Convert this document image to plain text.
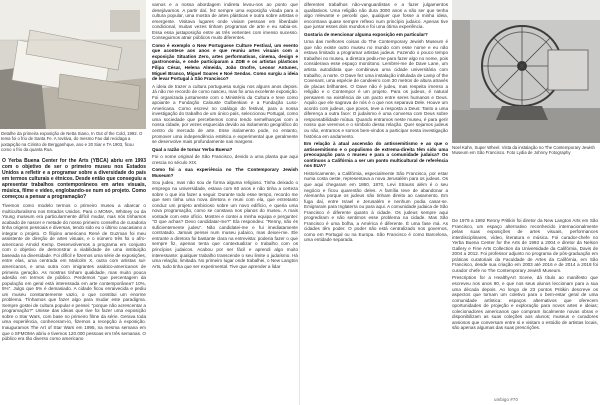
Detalhe da primeira exposição de Netta Siano, In Out of the Cold, 1992. O tema foi o frio de Santa Fe. A rovitiva, do mesmo Fao dal recidaga a juxtapição na Cirinito de Bergganhque, ano e 20 Siar e TA 1903, ficou como o frio da quanta Rua.	Noel Kahn, Super Wheel. Vista da instalação no The Contemporary Jewish Museum em São Francisco. Foto Lydia de Johnny Fotography

O Yerba Buena Center for the Arts (YBCA) abriu em 1993 com o objetivo de ser o primeiro museu nos Estados Unidos a refletir e a programar sobre a diversidade do país em termos culturais e étnicos. Desde então que conseguiu a apresentar trabalhos contemporâneos em artes visuais, música, filme e vídeo, englobando-se num só projeto. Como começou a pensar a programação?

Tivemos como modelo termos o primeiro museu a abarcar o multiculturalismo nos Estados Unidos. Para o MOMA, Whitney ou da Young museum era particularmente difícil mudar, mas nós tínhamos acabado de nascer e metade do nosso primeiro conselho de curadoria tinha origens pessoais e diversas, tendo sido eu o último caucasiano a integrar o projeto. O filipino americano René de Guzman foi meu assistente de direção de artes visuais, e o número três foi o afro-americano Arnold Kemp. Desenvolvemos a programa em conjunto com o objetivo de demonstrar a viabilidade de uma instituição baseada na diversidade. Foi difícil e fizemos uma série de exposições, entre elas, uma centrada em Malcolm X, outra com artistas sul-americanos, e uma outra com imigrantes asiático-americanos de primeira geração. As mostras tinham qualidade, mas muito pouca adesão em termos de público. Perdemos "que percentagem da população em geral está interessada em arte contemporânea? 10%, 5%". Julgo que 5% é demasiado. A cidade ficou enraivecida e pediu um museu constantemente vazio, o que constitui um enorme problema. Tínhamos que fazer algo para mudar este paradigma. Sempre gostei de cultura popular e pensei: "porque não acrescentar a programação?" Unisse das ideias que tive foi fazer uma exposição sobre o Star Wars, com base no primeiro filme da série. Gerava toda uma experiência, conheceram-lo, fizemos a recepção à exposição. Inauguramos The Art of Star Wars em 1995, na mesma semana em que o SFMOMA abriu e tivemos 120.000 pessoas em três semanas. O público era tão diverso como americano

vamos e a nossa abordagem indireta levou-nos ao ponto que desejávamos. A partir daí, fez sempre uma exposição virada para a cultura popular, uma mostra de artes plásticas e outra sobre artistas e emergente. Visitava lugares onde viviam pessoas em liberdade condicional, muitas vezes tinham programas de arte e eu sabia-os. Essa essa justaposição entre as três vertentes com imenso sucesso. Conseguimos atrair públicos muito diferentes.

Como é exemplo o New Portuguese Culture Festival, um evento que acontece aos anos e que reuniu artes visuais com a exposição Situation Zero, artes performativas, cinema, design e gastronomia, e onde participaram a ZDB e os artistas plásticos Filipa César, Helena Almeida, João Onofre, Leonor Antunes, Miguel Branco, Miguel Soares e Noé Sendas. Como surgiu a ideia de levar Portugal à São Francisco?

A ideia de trazer a cultura portuguesa surgiu nos alguns anos depois. Já não me recordo de como nasceu, mas foi uma excelente exposição. Foi organizada juntamente com o Ministério da Cultura e teve como apoiante a Fundação Calouste Gulbenkian e a Fundação Luso-Americana. Como escrevi no catálogo do festival, para a nossa investigação do trabalho de um único país, seleccionou Portugal, como uma sociedade que percebemos como tendo semelhanças com a nossa cidade, por vezes esquecida devido ao isolamento geográfico do centro do mercado de arte. Esse isolamento pode, no entanto, promover uma independência estética e experimental que geralmente se desenvolve mais profundamente nas margens.

Qual a razão de tornar Yerba Buena?

Foi o nome original de São Francisco, devido a uma planta que aqui crescia no século XIX.

Como foi a sua experiência no The Contemporary Jewish Museum?

Sou judeu, mas não sou de forma alguma religioso. Tinha deixado o emprego na universidade, estava com 60 anos e não tinha a certeza sobre o que iria fazer a seguir. Durante todo esse tempo, recordo me que sem tinha uma nova diretora e reuni com ela, que entretanto conduz um projeto ambicioso sobre um novo edifício, e queria uma nova programação, como se constava nos planos do museu. A mais vontade com este ofício. Mostrei e contei a minha equipa e perguntei: "O que achas? Devo candidatar-me?" Ela respondeu: "Renny, não és suficientemente judeu". Não candidatei-me e fui imediatamente contratado. Jamais pensei num museu judaico, mas deixei-me. Ele entrante a diretora foi bastante clara na entrevista: poderia fazer o que sempre fiz, apenas tenta que contextualizar o trabalho com os princípios judaicos. Acabou por ser fácil e aprendi algo muito interessante: qualquer trabalho transcende o seu limite o judaísmo. Há uma relação, limitada. No primeiro lugar onde trabalhei, o New Langton Arts, tudo tinha que ser experimental. Tive que aprender a lidar

diferentes trabalhos não-vanguardistas e a fazer julgamentos qualitativos. Uma religião não dura 3000 anos a não ser que tenha algo relevante e percebi que, qualquer que fosse a minha ideia, encontrava quase sempre reflexo num princípio judaico. Apenas tive que juntar esses dois mundos e foi uma ótima experiência.

Gostaria de mencionar alguma exposição em particular?

Uma das melhores coisas do The Contemporary Jewish Museum é que não existe outro museu no mundo com esse nome e eu não estava limitado a programar artistas judeus. Fazendo o pouco tempo trabalhei no museu, a diretora pediu-me para fazer algo no nome, pois considerava esse espaço monótono. Lembrei-me de Dave Lane, um artista autodidata que combinava uma cidade universitária com trabalho, a norte. O Dave fez uma instalação intitulada de Lamp of the Covenant, uma espécie de candeeiro com 30 metros de altura através de placas brilhantes. O Dave não é judeu, mas respeita imenso a religião e o Contempor é um projeto. Para os judeus, é natural pensarem na existência de um pacto entre seres humanos e Deus. Aquilo que ele sagrava de nós é o que nos separava Dele. Houve um acordo com judeus, que povos, teve a resposta a Deus: Tanto a uma diferença a outra face: O judaísmo é uma conversa com Deus sobre responsabilidade mútua. Quando entramos neste museu, é para gerir nosso que veremos e o símbolo dessa relação. Quer sejamos judeus ou não, entramos e somos bem-vindos a participar nesta investigação histórica em andamento.

Em relação à atual ascensão do antissemitismo e ao que o antissemitismo e o populismo de extrema-direita têm sido uma preocupação para o museu e para a comunidade judaica? Os contínuos a Califórnia a ser um ponto multicultural de referência nos EUA?

Historicamente, a Califórnia, especialmente São Francisco, por estar numa costa oeste, representava a nova Jerusalém para os judeus. Os que aqui chegaram em 1860, 1870, Levi Strauss além é o seu negócio e ficou quarentão deles. A família teve de abandonar a Alemanha porque os judeus não tinham direito ao casamento. Em fuga daí, entre Israel e Jerusalém e nenhum podia casar-se. Emigraram para Inglaterra ou para aqui. A comunidade judaica de São Francisco é diferente quanto à cidade. Os judeus sempre aqui progrediram e não sentimos esse problema na cidade. Mas São Francisco é uma bolha, a América é diferente. É uma fase má. As cidades têm poder. O poder não está centralizado nos governos, como em Portugal ou na Europa. São Francisco é como Barcelona, uma entidade separada.

De 1979 a 1992 Renny Pritikin foi diretor da New Langton Arts em São Francisco, um espaço alternativo reconhecido internacionalmente pelas suas exposições de artes visuais, performances interdisciplinares, vídeo, literatura e música. Foi curador-chefe no Yerba Buena Center for the Arts de 1993 a 2004 e diretor da Nelson Gallery e Fine Arts Collection da Universidade da Califórnia, Davis de 2004 a 2012. Foi professor adjunto no programa de pós-graduação em práticas curatoriais da Faculdade de Artes da Califórnia, em São Francisco, desde sua criação em 2003 até 2016 e de 2014 a 2018 foi curador chefe no The Contemporary Jewish Museum.

Prescription for a HealthyArt Scene, dá título ao manifesto que escreveu nos anos 90, e que nos seus alunos leccionam para a sua uma década depois. Ao longo de 23 pontos Pritikin descreve os aspectos que tornam um coletivo para o bem-estar geral de uma comunidade artística: espaços alternativos que oferecem oportunidades de projeção e exploração para novos artes e ideias; colecionadores americanos que compram localmente novas obras e disponibilizam as suas coleções aos alunos; museus e curadores ansiosos que conversam entre si e visitam o estúdio de artistas locais, são apenas algumas das suas prescrições.

umbigo #70
